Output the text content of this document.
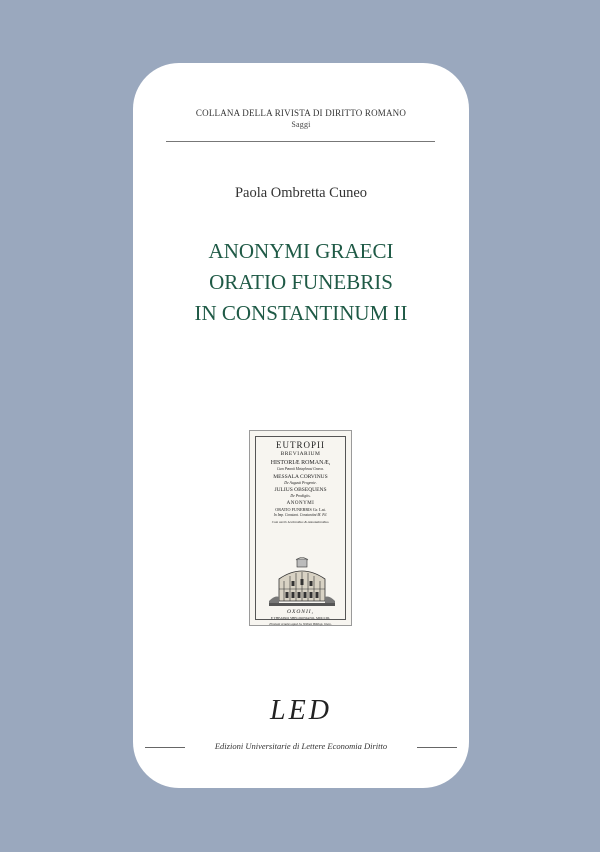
COLLANA DELLA RIVISTA DI DIRITTO ROMANO
Saggi
Paola Ombretta Cuneo
ANONYMI GRAECI
ORATIO FUNEBRIS
IN CONSTANTINUM II
EUTROPII
BREVIARIUM
HISTORIÆ ROMANÆ,
Cum Pæanii Metaphrasi Græca.
MESSALA CORVINUS
De Augusti Progenie.
JULIUS OBSEQUENS
De Prodigiis.
ANONYMI
ORATIO FUNEBRIS Gr. Lat.
In Imp. Constant. Constantini M. Fil.
Cum variis Lectionibus & Annotationibus.
OXONII,
E THEATRO SHELDONIANO, MDCCIII.
Prostant venales apud Jo. Wilmot Bibliop. Oxon.
LED
Edizioni Universitarie di Lettere Economia Diritto
